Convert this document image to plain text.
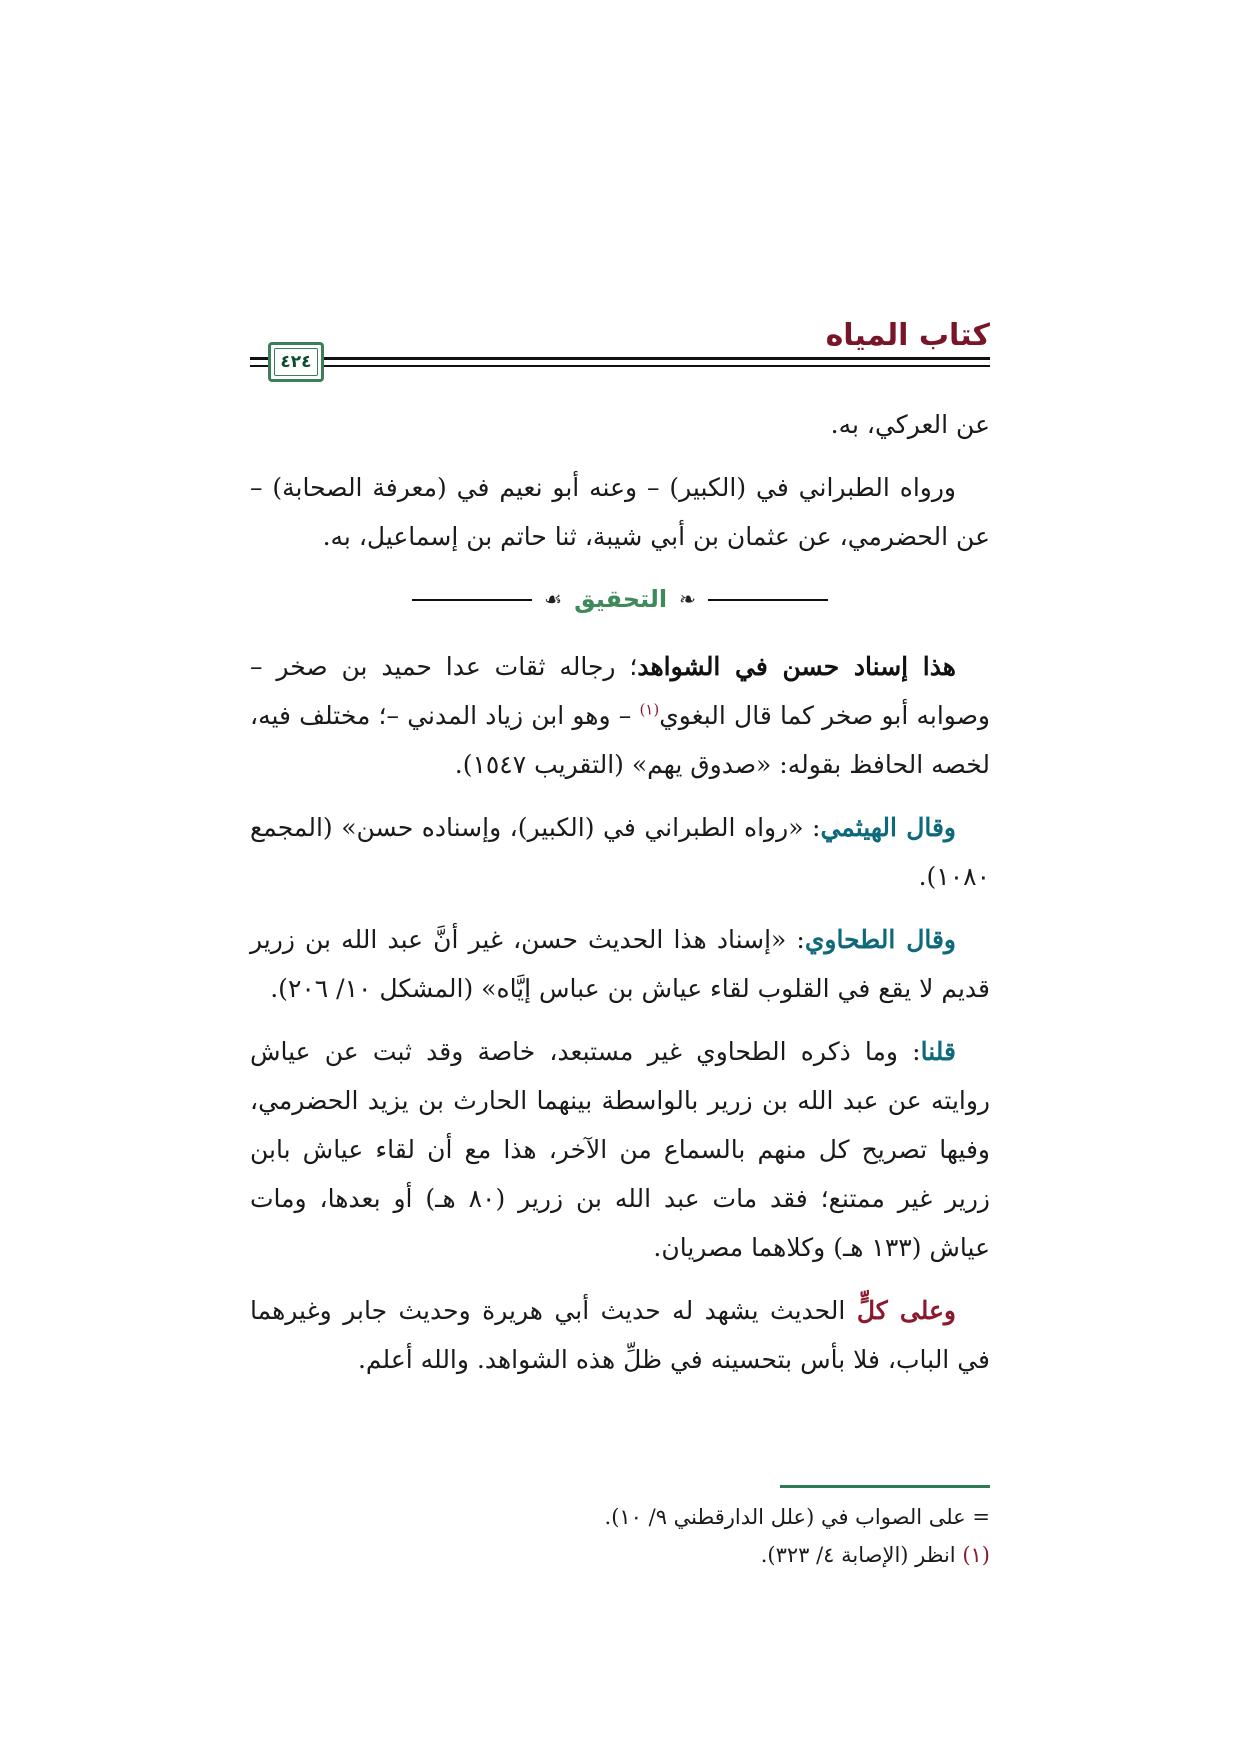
كتاب المياه
٤٢٤

عن العركي، به.

ورواه الطبراني في (الكبير) – وعنه أبو نعيم في (معرفة الصحابة) – عن الحضرمي، عن عثمان بن أبي شيبة، ثنا حاتم بن إسماعيل، به.

❧
التحقيق
☙

هذا إسناد حسن في الشواهد؛ رجاله ثقات عدا حميد بن صخر – وصوابه أبو صخر كما قال البغوي$^{(١)}$ – وهو ابن زياد المدني –؛ مختلف فيه، لخصه الحافظ بقوله: «صدوق يهم» (التقريب ١٥٤٧).

وقال الهيثمي: «رواه الطبراني في (الكبير)، وإسناده حسن» (المجمع ١٠٨٠).

وقال الطحاوي: «إسناد هذا الحديث حسن، غير أنَّ عبد الله بن زرير قديم لا يقع في القلوب لقاء عياش بن عباس إيَّاه» (المشكل ١٠/ ٢٠٦).

قلنا: وما ذكره الطحاوي غير مستبعد، خاصة وقد ثبت عن عياش روايته عن عبد الله بن زرير بالواسطة بينهما الحارث بن يزيد الحضرمي، وفيها تصريح كل منهم بالسماع من الآخر، هذا مع أن لقاء عياش بابن زرير غير ممتنع؛ فقد مات عبد الله بن زرير (٨٠ هـ) أو بعدها، ومات عياش (١٣٣ هـ) وكلاهما مصريان.

وعلى كلٍّ الحديث يشهد له حديث أبي هريرة وحديث جابر وغيرهما في الباب، فلا بأس بتحسينه في ظلِّ هذه الشواهد. والله أعلم.

= على الصواب في (علل الدارقطني ٩/ ١٠).
(١) انظر (الإصابة ٤/ ٣٢٣).
